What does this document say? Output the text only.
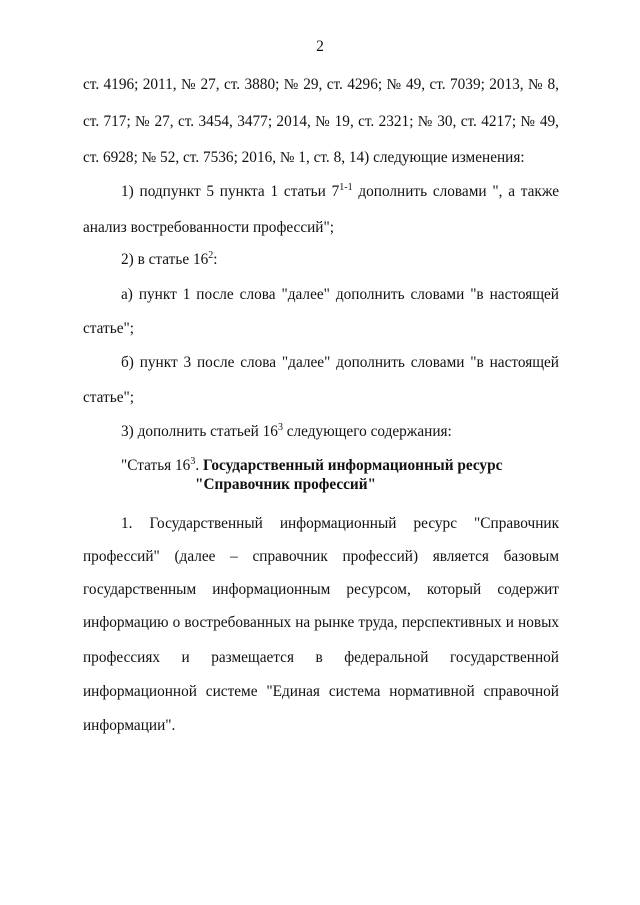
2
ст. 4196; 2011, № 27, ст. 3880; № 29, ст. 4296; № 49, ст. 7039; 2013, № 8,
ст. 717; № 27, ст. 3454, 3477; 2014, № 19, ст. 2321; № 30, ст. 4217; № 49,
ст. 6928; № 52, ст. 7536; 2016, № 1, ст. 8, 14) следующие изменения:
1) подпункт 5 пункта 1 статьи 7$^{1-1}$ дополнить словами ", а также
анализ востребованности профессий";
2) в статье $16^2$:
а) пункт 1 после слова "далее" дополнить словами "в настоящей
статье";
б) пункт 3 после слова "далее" дополнить словами "в настоящей
статье";
3) дополнить статьей $16^3$ следующего содержания:
"Статья $16^3$. Государственный информационный ресурс
"Справочник профессий"
1. Государственный информационный ресурс "Справочник
профессий" (далее – справочник профессий) является базовым
государственным информационным ресурсом, который содержит
информацию о востребованных на рынке труда, перспективных и новых
профессиях и размещается в федеральной государственной
информационной системе "Единая система нормативной справочной
информации".
